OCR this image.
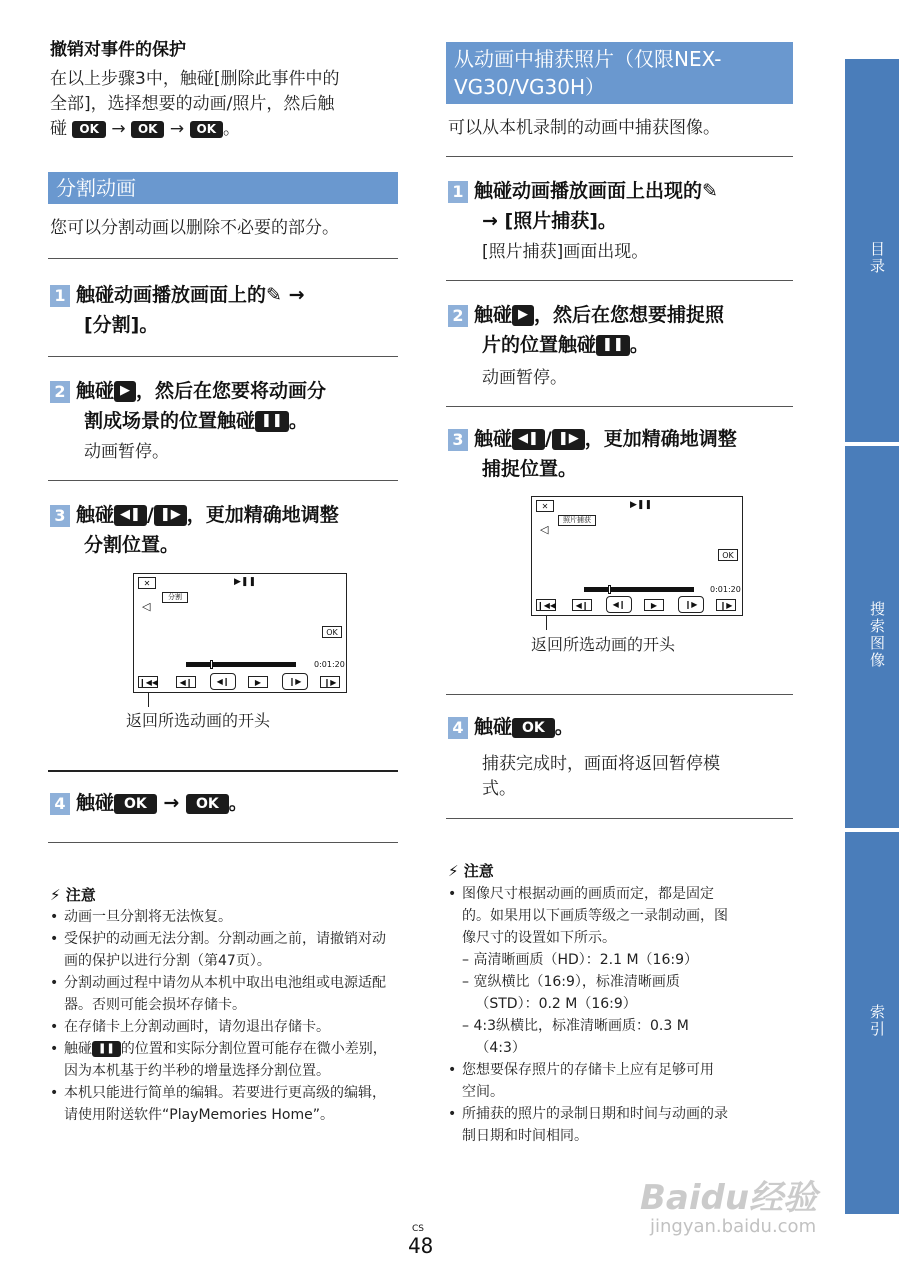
撤销对事件的保护
在以上步骤3中，触碰[删除此事件中的
全部]，选择想要的动画/照片，然后触
碰 OK → OK → OK 。
分割动画
您可以分割动画以删除不必要的部分。
1 触碰动画播放画面上的✎ →
[分割]。
2 触碰 ▶ ，然后在您要将动画分
割成场景的位置触碰 ❚❚ 。
动画暂停。
3 触碰 ◀❚ / ❚▶ ，更加精确地调整
分割位置。
✕	▶❚❚
分割
◁
OK
0:01:20
❙◀◀	◀❙	◀❙	▶	❙▶	❙▶
返回所选动画的开头
4 触碰 OK → OK 。
⚡ 注意
• 动画一旦分割将无法恢复。
• 受保护的动画无法分割。分割动画之前，请撤销对动画的保护以进行分割（第47页）。
• 分割动画过程中请勿从本机中取出电池组或电源适配器。否则可能会损坏存储卡。
• 在存储卡上分割动画时，请勿退出存储卡。
• 触碰 ❚❚ 的位置和实际分割位置可能存在微小差别，因为本机基于约半秒的增量选择分割位置。
• 本机只能进行简单的编辑。若要进行更高级的编辑，请使用附送软件“PlayMemories Home”。
从动画中捕获照片（仅限NEX-
VG30/VG30H）
可以从本机录制的动画中捕获图像。
1 触碰动画播放画面上出现的✎
→ [照片捕获]。
[照片捕获]画面出现。
2 触碰 ▶ ，然后在您想要捕捉照
片的位置触碰 ❚❚ 。
动画暂停。
3 触碰 ◀❚ / ❚▶ ，更加精确地调整
捕捉位置。
✕	▶❚❚
照片捕获
◁
OK
0:01:20
❙◀◀	◀❙	◀❙	▶	❙▶	❙▶
返回所选动画的开头
4 触碰 OK 。
捕获完成时，画面将返回暂停模
式。
⚡ 注意
• 图像尺寸根据动画的画质而定，都是固定
的。如果用以下画质等级之一录制动画，图
像尺寸的设置如下所示。
– 高清晰画质（HD）：2.1 M（16:9）
– 宽纵横比（16:9），标准清晰画质
（STD）：0.2 M（16:9）
– 4:3纵横比，标准清晰画质：0.3 M
（4:3）
• 您想要保存照片的存储卡上应有足够可用
空间。
• 所捕获的照片的录制日期和时间与动画的录
制日期和时间相同。
目录
搜索图像
索引
CS
48
Baidu经验
jingyan.baidu.com
